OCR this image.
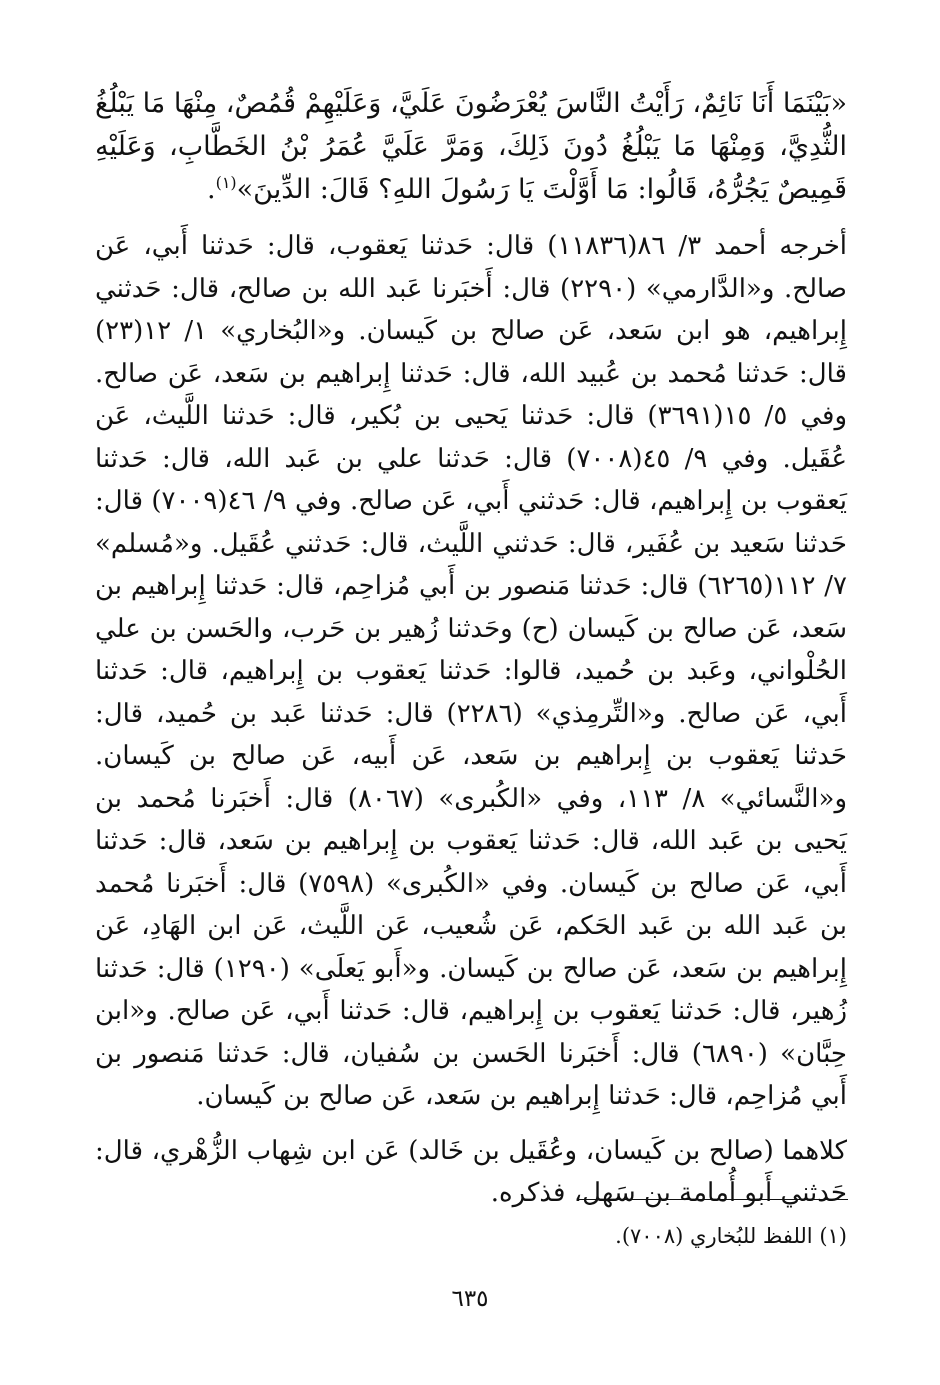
«بَيْنَمَا أَنَا نَائِمٌ، رَأَيْتُ النَّاسَ يُعْرَضُونَ عَلَيَّ، وَعَلَيْهِمْ قُمُصٌ، مِنْهَا مَا يَبْلُغُ الثُّدِيَّ، وَمِنْهَا مَا يَبْلُغُ دُونَ ذَلِكَ، وَمَرَّ عَلَيَّ عُمَرُ بْنُ الخَطَّابِ، وَعَلَيْهِ قَمِيصٌ يَجُرُّهُ، قَالُوا: مَا أَوَّلْتَ يَا رَسُولَ اللهِ؟ قَالَ: الدِّينَ»$^{(١)}$.

أخرجه أحمد ٣/ ٨٦(١١٨٣٦) قال: حَدثنا يَعقوب، قال: حَدثنا أَبي، عَن صالح. و«الدَّارمي» (٢٢٩٠) قال: أَخبَرنا عَبد الله بن صالح، قال: حَدثني إِبراهيم، هو ابن سَعد، عَن صالح بن كَيسان. و«البُخاري» ١/ ١٢(٢٣) قال: حَدثنا مُحمد بن عُبيد الله، قال: حَدثنا إِبراهيم بن سَعد، عَن صالح. وفي ٥/ ١٥(٣٦٩١) قال: حَدثنا يَحيى بن بُكير، قال: حَدثنا اللَّيث، عَن عُقَيل. وفي ٩/ ٤٥(٧٠٠٨) قال: حَدثنا علي بن عَبد الله، قال: حَدثنا يَعقوب بن إِبراهيم، قال: حَدثني أَبي، عَن صالح. وفي ٩/ ٤٦(٧٠٠٩) قال: حَدثنا سَعيد بن عُفَير، قال: حَدثني اللَّيث، قال: حَدثني عُقَيل. و«مُسلم» ٧/ ١١٢(٦٢٦٥) قال: حَدثنا مَنصور بن أَبي مُزاحِم، قال: حَدثنا إِبراهيم بن سَعد، عَن صالح بن كَيسان (ح) وحَدثنا زُهير بن حَرب، والحَسن بن علي الحُلْواني، وعَبد بن حُميد، قالوا: حَدثنا يَعقوب بن إِبراهيم، قال: حَدثنا أَبي، عَن صالح. و«التِّرمِذي» (٢٢٨٦) قال: حَدثنا عَبد بن حُميد، قال: حَدثنا يَعقوب بن إِبراهيم بن سَعد، عَن أَبيه، عَن صالح بن كَيسان. و«النَّسائي» ٨/ ١١٣، وفي «الكُبرى» (٨٠٦٧) قال: أَخبَرنا مُحمد بن يَحيى بن عَبد الله، قال: حَدثنا يَعقوب بن إِبراهيم بن سَعد، قال: حَدثنا أَبي، عَن صالح بن كَيسان. وفي «الكُبرى» (٧٥٩٨) قال: أَخبَرنا مُحمد بن عَبد الله بن عَبد الحَكم، عَن شُعيب، عَن اللَّيث، عَن ابن الهَادِ، عَن إِبراهيم بن سَعد، عَن صالح بن كَيسان. و«أَبو يَعلَى» (١٢٩٠) قال: حَدثنا زُهير، قال: حَدثنا يَعقوب بن إِبراهيم، قال: حَدثنا أَبي، عَن صالح. و«ابن حِبَّان» (٦٨٩٠) قال: أَخبَرنا الحَسن بن سُفيان، قال: حَدثنا مَنصور بن أَبي مُزاحِم، قال: حَدثنا إِبراهيم بن سَعد، عَن صالح بن كَيسان.

كلاهما (صالح بن كَيسان، وعُقَيل بن خَالد) عَن ابن شِهاب الزُّهْري، قال: حَدثني أَبو أُمامة بن سَهل، فذكره.

(١) اللفظ للبُخاري (٧٠٠٨).
٦٣٥
